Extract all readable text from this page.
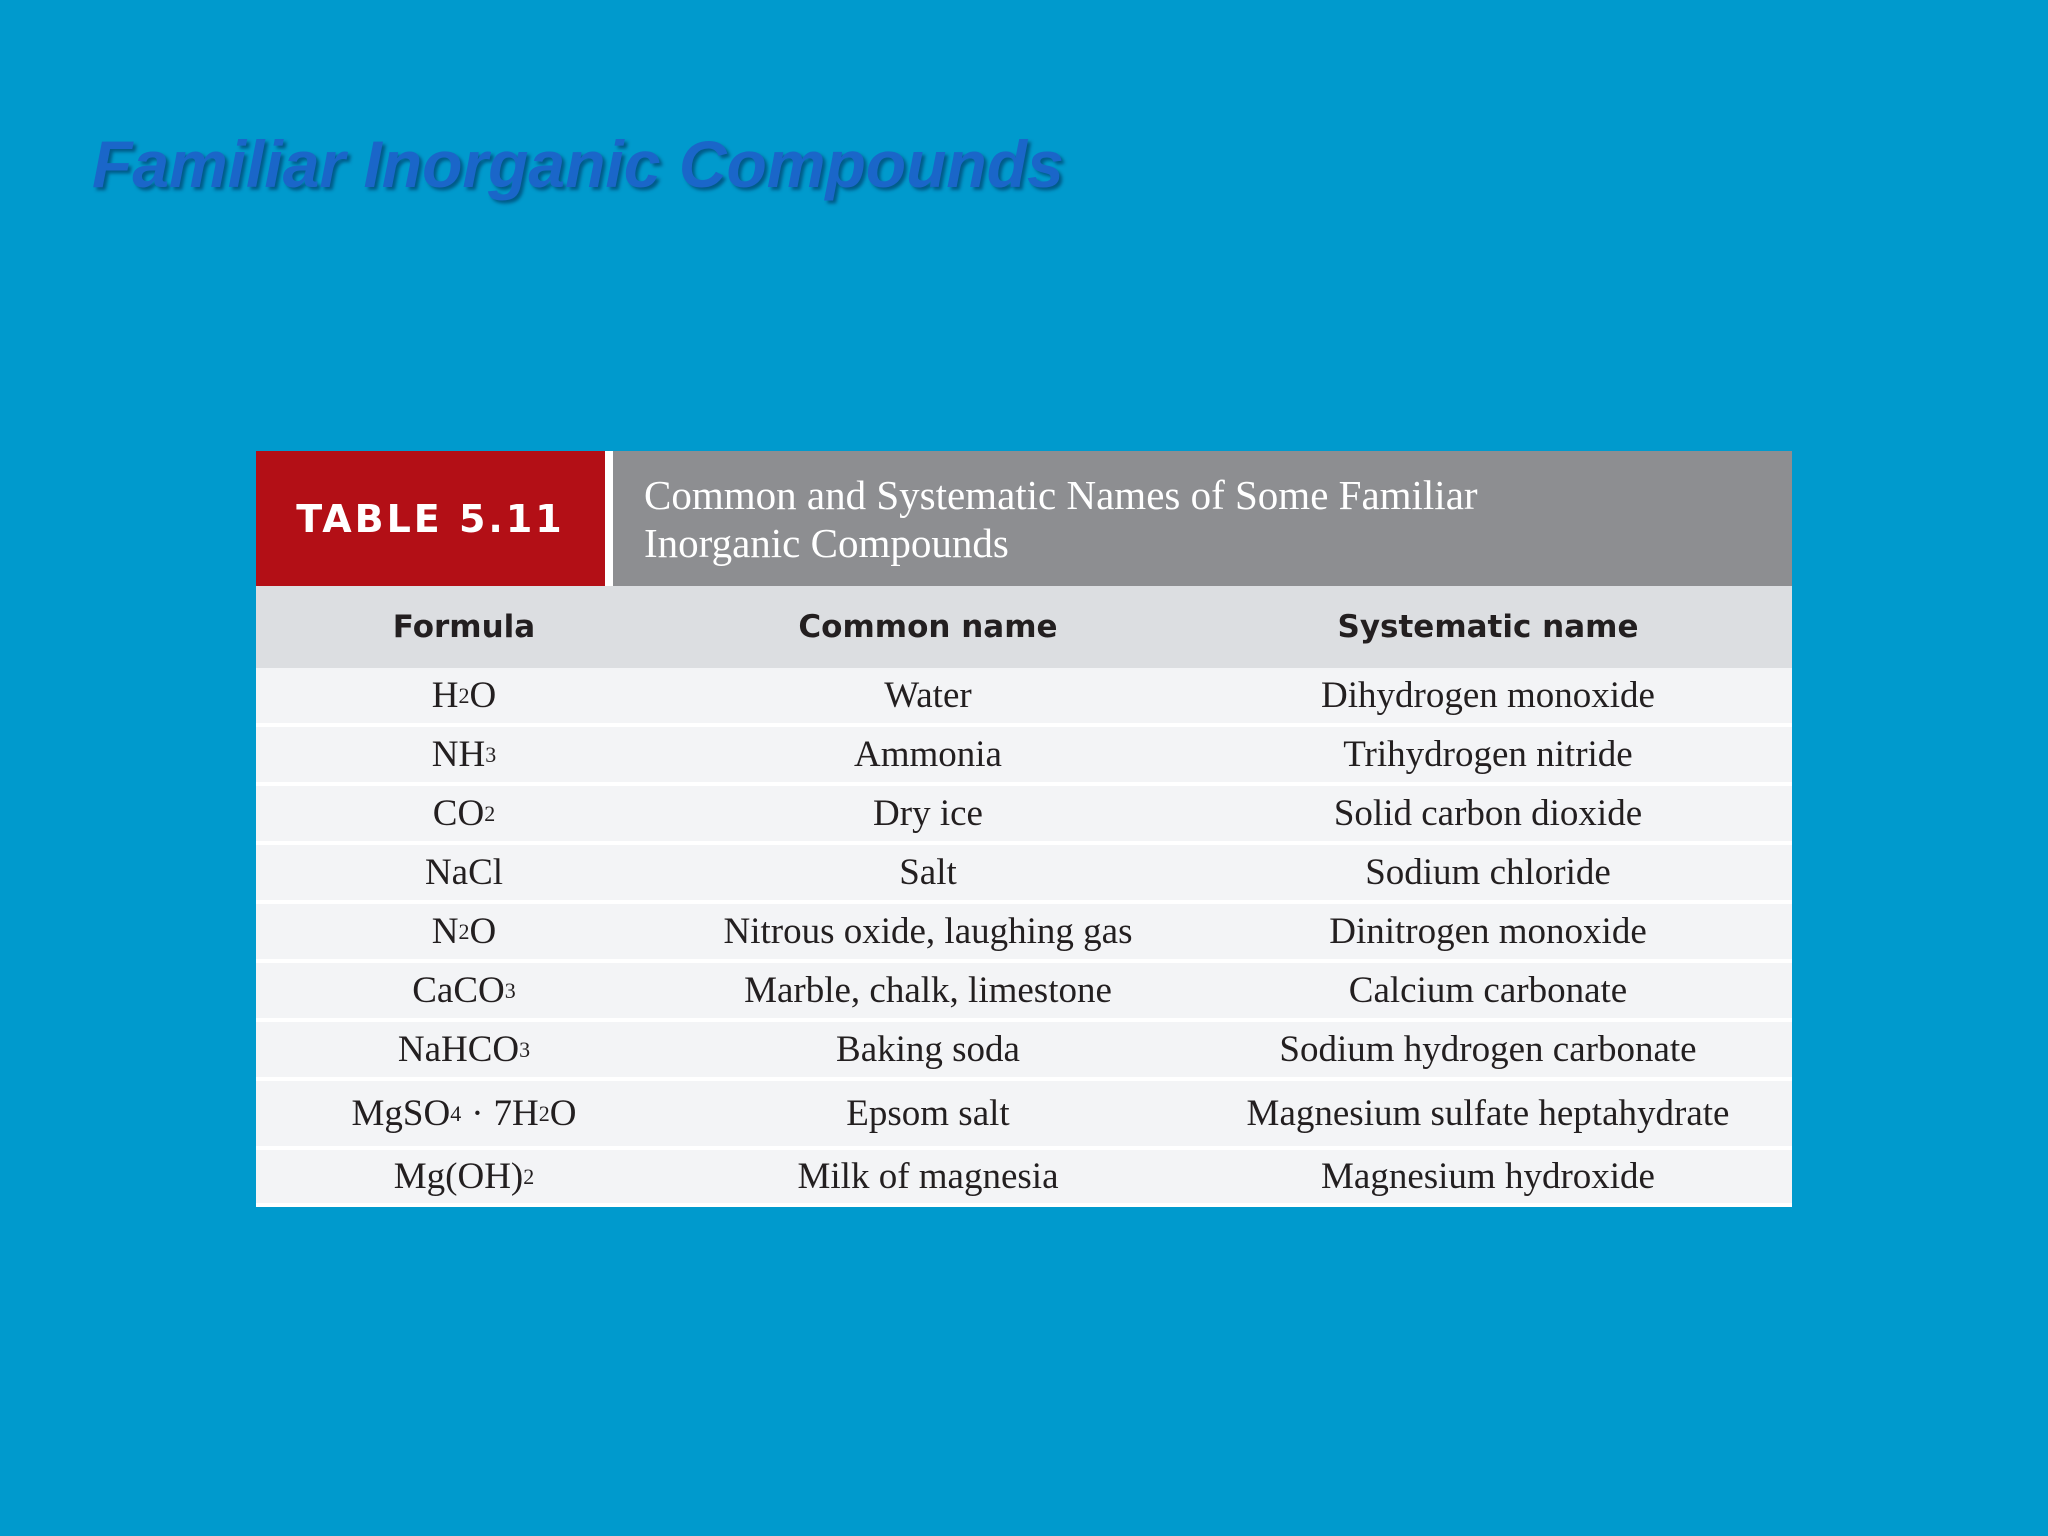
Familiar Inorganic Compounds
TABLE 5.11
Common and Systematic Names of Some Familiar
Inorganic Compounds
Formula	Common name	Systematic name
H 2 O	Water	Dihydrogen monoxide
NH 3	Ammonia	Trihydrogen nitride
CO 2	Dry ice	Solid carbon dioxide
NaCl	Salt	Sodium chloride
N 2 O	Nitrous oxide, laughing gas	Dinitrogen monoxide
CaCO 3	Marble, chalk, limestone	Calcium carbonate
NaHCO 3	Baking soda	Sodium hydrogen carbonate
MgSO 4 · 7H 2 O	Epsom salt	Magnesium sulfate heptahydrate
Mg(OH) 2	Milk of magnesia	Magnesium hydroxide
